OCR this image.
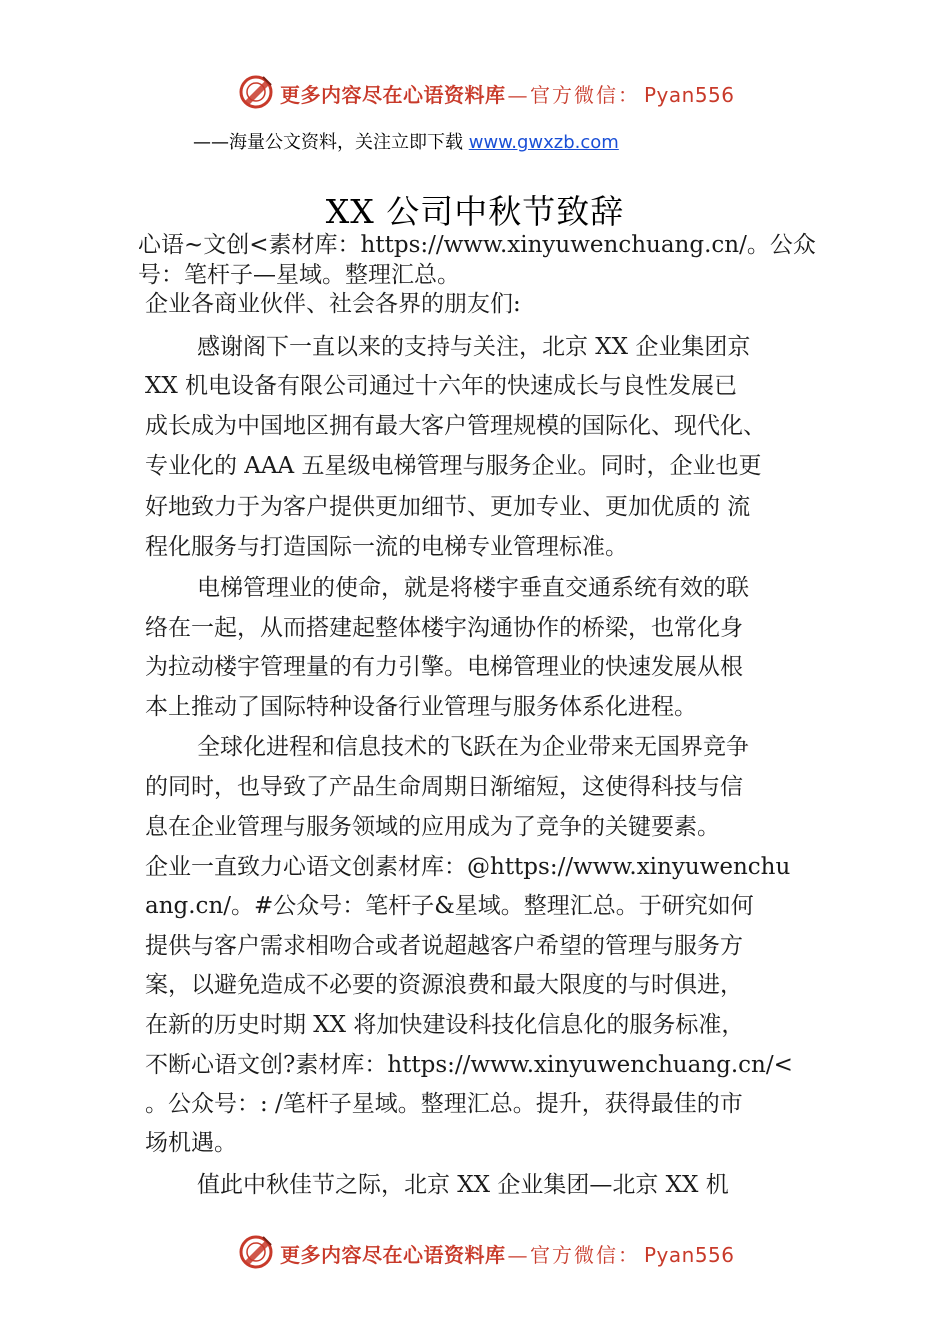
更多内容尽在心语资料库 — 官方微信： Pyan556
——海量公文资料，关注立即下载 www.gwxzb.com
XX 公司中秋节致辞
心语~文创<素材库：https://www.xinyuwenchuang.cn/。公众
号：笔杆子—星域。整理汇总。
企业各商业伙伴、社会各界的朋友们:
感谢阁下一直以来的支持与关注，北京 XX 企业集团京
XX 机电设备有限公司通过十六年的快速成长与良性发展已
成长成为中国地区拥有最大客户管理规模的国际化、现代化、
专业化的 AAA 五星级电梯管理与服务企业。同时，企业也更
好地致力于为客户提供更加细节、更加专业、更加优质的 流
程化服务与打造国际一流的电梯专业管理标准。
电梯管理业的使命，就是将楼宇垂直交通系统有效的联
络在一起，从而搭建起整体楼宇沟通协作的桥梁，也常化身
为拉动楼宇管理量的有力引擎。电梯管理业的快速发展从根
本上推动了国际特种设备行业管理与服务体系化进程。
全球化进程和信息技术的飞跃在为企业带来无国界竞争
的同时，也导致了产品生命周期日渐缩短，这使得科技与信
息在企业管理与服务领域的应用成为了竞争的关键要素。
企业一直致力心语文创素材库：@https://www.xinyuwenchu
ang.cn/。#公众号：笔杆子&星域。整理汇总。于研究如何
提供与客户需求相吻合或者说超越客户希望的管理与服务方
案，以避免造成不必要的资源浪费和最大限度的与时俱进，
在新的历史时期 XX 将加快建设科技化信息化的服务标准，
不断心语文创?素材库：https://www.xinyuwenchuang.cn/<
。公众号：: /笔杆子星域。整理汇总。提升，获得最佳的市
场机遇。
值此中秋佳节之际，北京 XX 企业集团—北京 XX 机
更多内容尽在心语资料库 — 官方微信： Pyan556
